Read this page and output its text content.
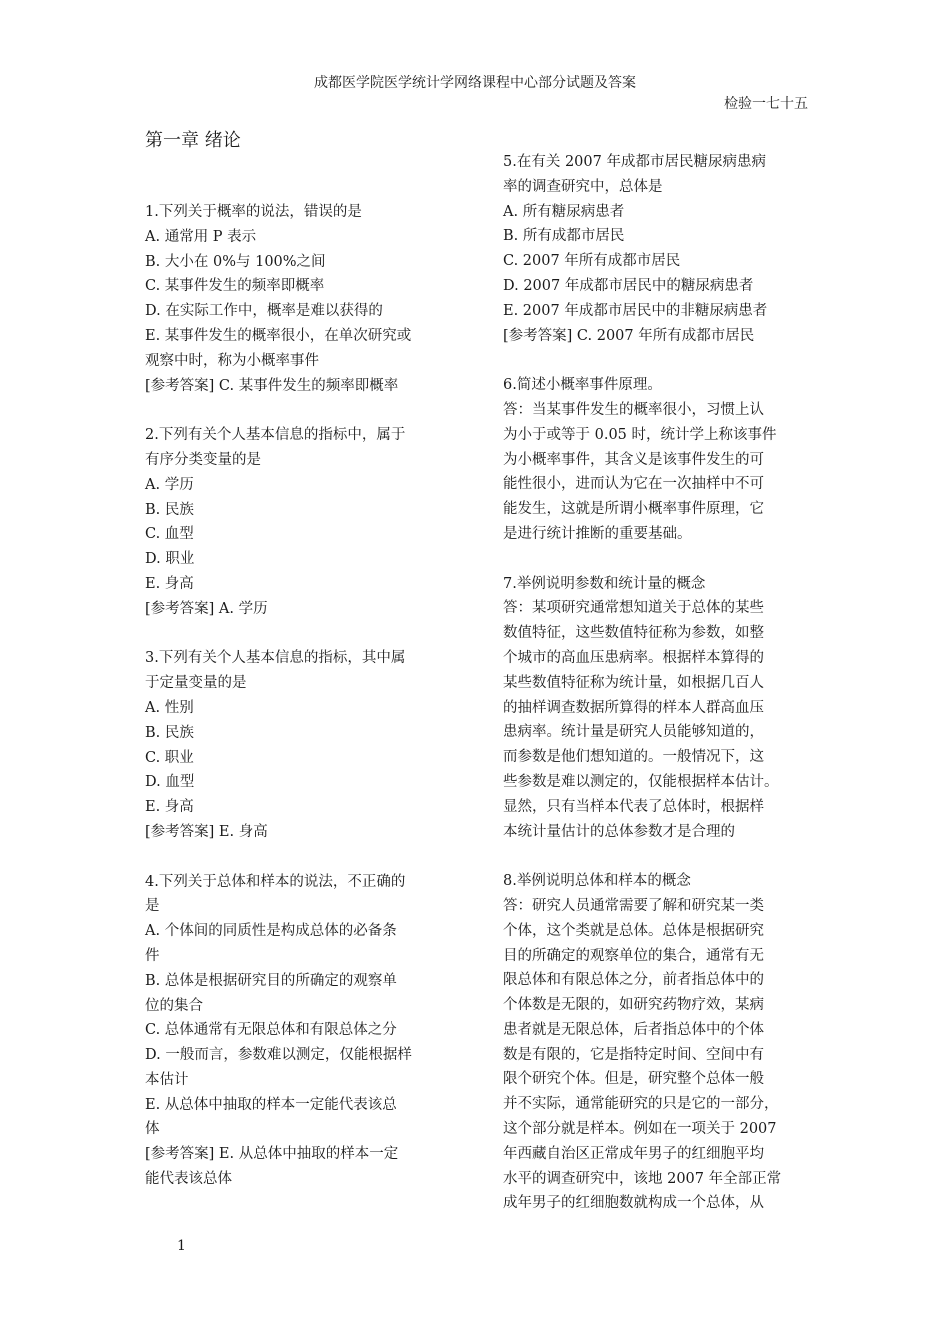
成都医学院医学统计学网络课程中心部分试题及答案
检验一七十五
第一章 绪论
1.下列关于概率的说法，错误的是
A. 通常用 P 表示
B. 大小在 0%与 100%之间
C. 某事件发生的频率即概率
D. 在实际工作中，概率是难以获得的
E. 某事件发生的概率很小，在单次研究或
观察中时，称为小概率事件
[参考答案] C. 某事件发生的频率即概率
2.下列有关个人基本信息的指标中，属于
有序分类变量的是
A. 学历
B. 民族
C. 血型
D. 职业
E. 身高
[参考答案] A. 学历
3.下列有关个人基本信息的指标，其中属
于定量变量的是
A. 性别
B. 民族
C. 职业
D. 血型
E. 身高
[参考答案] E. 身高
4.下列关于总体和样本的说法，不正确的
是
A. 个体间的同质性是构成总体的必备条
件
B. 总体是根据研究目的所确定的观察单
位的集合
C. 总体通常有无限总体和有限总体之分
D. 一般而言，参数难以测定，仅能根据样
本估计
E. 从总体中抽取的样本一定能代表该总
体
[参考答案] E. 从总体中抽取的样本一定
能代表该总体
5.在有关 2007 年成都市居民糖尿病患病
率的调查研究中，总体是
A. 所有糖尿病患者
B. 所有成都市居民
C. 2007 年所有成都市居民
D. 2007 年成都市居民中的糖尿病患者
E. 2007 年成都市居民中的非糖尿病患者
[参考答案] C. 2007 年所有成都市居民
6.简述小概率事件原理。
答：当某事件发生的概率很小，习惯上认
为小于或等于 0.05 时，统计学上称该事件
为小概率事件，其含义是该事件发生的可
能性很小，进而认为它在一次抽样中不可
能发生，这就是所谓小概率事件原理，它
是进行统计推断的重要基础。
7.举例说明参数和统计量的概念
答：某项研究通常想知道关于总体的某些
数值特征，这些数值特征称为参数，如整
个城市的高血压患病率。根据样本算得的
某些数值特征称为统计量，如根据几百人
的抽样调查数据所算得的样本人群高血压
患病率。统计量是研究人员能够知道的，
而参数是他们想知道的。一般情况下，这
些参数是难以测定的，仅能根据样本估计。
显然，只有当样本代表了总体时，根据样
本统计量估计的总体参数才是合理的
8.举例说明总体和样本的概念
答：研究人员通常需要了解和研究某一类
个体，这个类就是总体。总体是根据研究
目的所确定的观察单位的集合，通常有无
限总体和有限总体之分，前者指总体中的
个体数是无限的，如研究药物疗效，某病
患者就是无限总体，后者指总体中的个体
数是有限的，它是指特定时间、空间中有
限个研究个体。但是，研究整个总体一般
并不实际，通常能研究的只是它的一部分，
这个部分就是样本。例如在一项关于 2007
年西藏自治区正常成年男子的红细胞平均
水平的调查研究中，该地 2007 年全部正常
成年男子的红细胞数就构成一个总体，从
1
